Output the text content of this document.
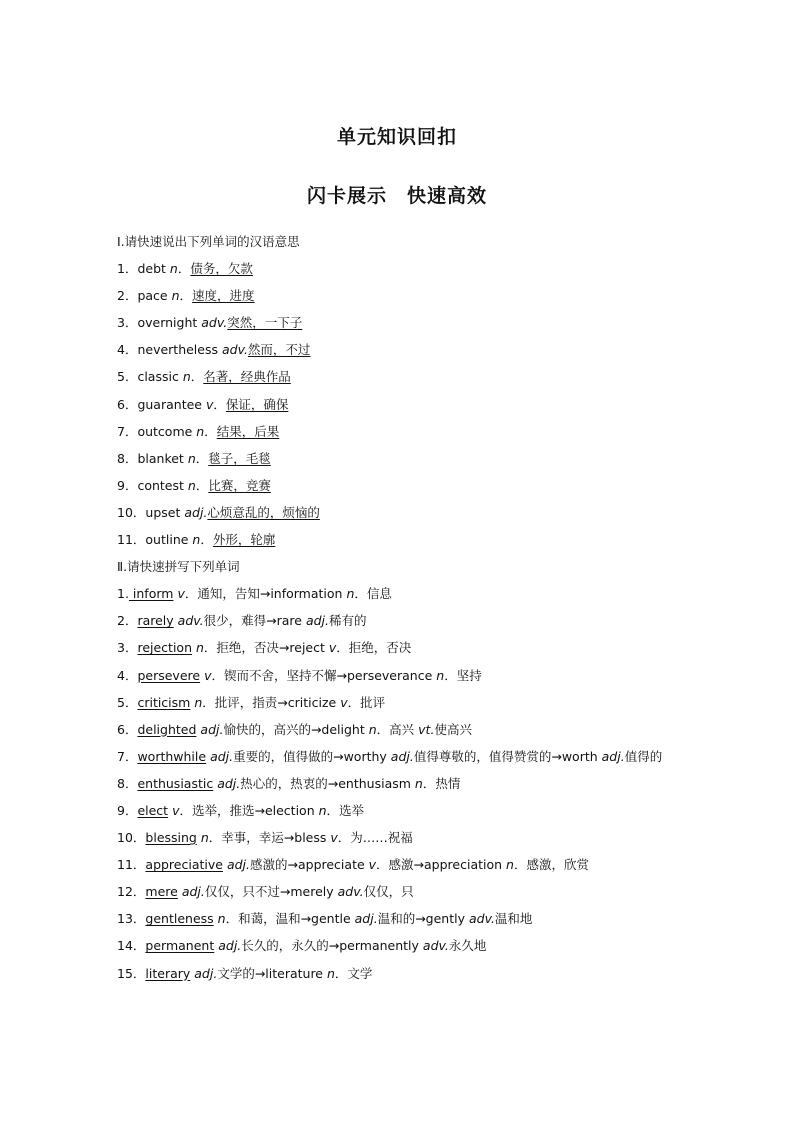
单元知识回扣
闪卡展示　快速高效
Ⅰ.请快速说出下列单词的汉语意思
1．debt n．债务，欠款
2．pace n．速度，进度
3．overnight adv.突然，一下子
4．nevertheless adv.然而，不过
5．classic n．名著，经典作品
6．guarantee v．保证，确保
7．outcome n．结果，后果
8．blanket n．毯子，毛毯
9．contest n．比赛，竞赛
10．upset adj.心烦意乱的，烦恼的
11．outline n．外形，轮廓
Ⅱ.请快速拼写下列单词
1. inform v．通知，告知→information n．信息
2．rarely adv.很少，难得→rare adj.稀有的
3．rejection n．拒绝，否决→reject v．拒绝，否决
4．persevere v．锲而不舍，坚持不懈→perseverance n．坚持
5．criticism n．批评，指责→criticize v．批评
6．delighted adj.愉快的，高兴的→delight n．高兴 vt.使高兴
7．worthwhile adj.重要的，值得做的→worthy adj.值得尊敬的，值得赞赏的→worth adj.值得的
8．enthusiastic adj.热心的，热衷的→enthusiasm n．热情
9．elect v．选举，推选→election n．选举
10．blessing n．幸事，幸运→bless v．为……祝福
11．appreciative adj.感激的→appreciate v．感激→appreciation n．感激，欣赏
12．mere adj.仅仅，只不过→merely adv.仅仅，只
13．gentleness n．和蔼，温和→gentle adj.温和的→gently adv.温和地
14．permanent adj.长久的，永久的→permanently adv.永久地
15．literary adj.文学的→literature n．文学
